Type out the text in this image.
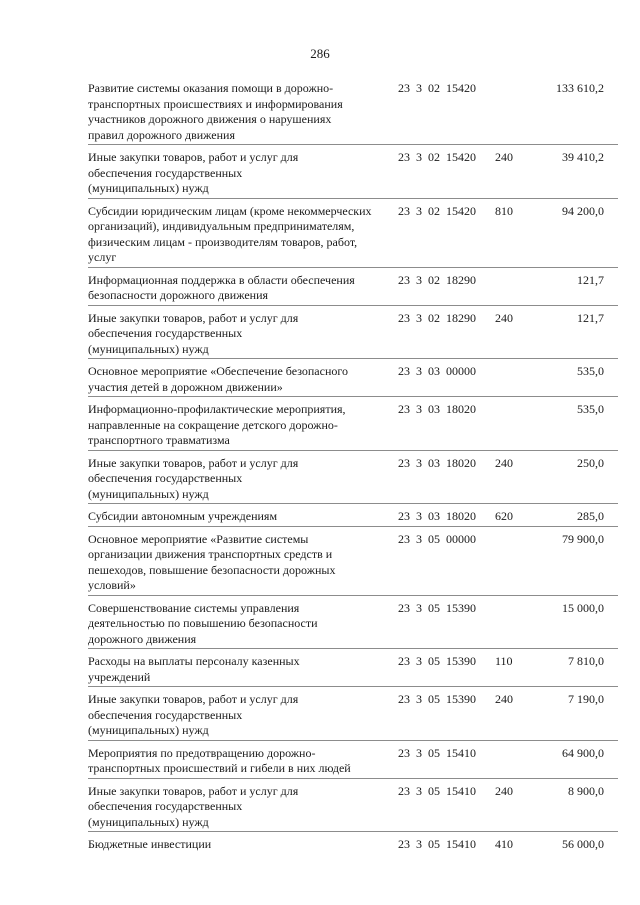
286
Развитие системы оказания помощи в дорожно-транспортных происшествиях и информирования участников дорожного движения о нарушениях правил дорожного движения
23  3  02  15420	133 610,2
Иные закупки товаров, работ и услуг для обеспечения государственных (муниципальных) нужд
23  3  02  15420 240	39 410,2
Субсидии юридическим лицам (кроме некоммерческих организаций), индивидуальным предпринимателям, физическим лицам - производителям товаров, работ, услуг
23  3  02  15420 810	94 200,0
Информационная поддержка в области обеспечения безопасности дорожного движения
23  3  02  18290	121,7
Иные закупки товаров, работ и услуг для обеспечения государственных (муниципальных) нужд
23  3  02  18290 240	121,7
Основное мероприятие «Обеспечение безопасного участия детей в дорожном движении»
23  3  03  00000	535,0
Информационно-профилактические мероприятия, направленные на сокращение детского дорожно-транспортного травматизма
23  3  03  18020	535,0
Иные закупки товаров, работ и услуг для обеспечения государственных (муниципальных) нужд
23  3  03  18020 240	250,0
Субсидии автономным учреждениям	23  3  03  18020 620	285,0
Основное мероприятие «Развитие системы организации движения транспортных средств и пешеходов, повышение безопасности дорожных условий»
23  3  05  00000	79 900,0
Совершенствование системы управления деятельностью по повышению безопасности дорожного движения
23  3  05  15390	15 000,0
Расходы на выплаты персоналу казенных учреждений
23  3  05  15390 110	7 810,0
Иные закупки товаров, работ и услуг для обеспечения государственных (муниципальных) нужд
23  3  05  15390 240	7 190,0
Мероприятия по предотвращению дорожно-транспортных происшествий и гибели в них людей
23  3  05  15410	64 900,0
Иные закупки товаров, работ и услуг для обеспечения государственных (муниципальных) нужд
23  3  05  15410 240	8 900,0
Бюджетные инвестиции	23  3  05  15410 410	56 000,0
